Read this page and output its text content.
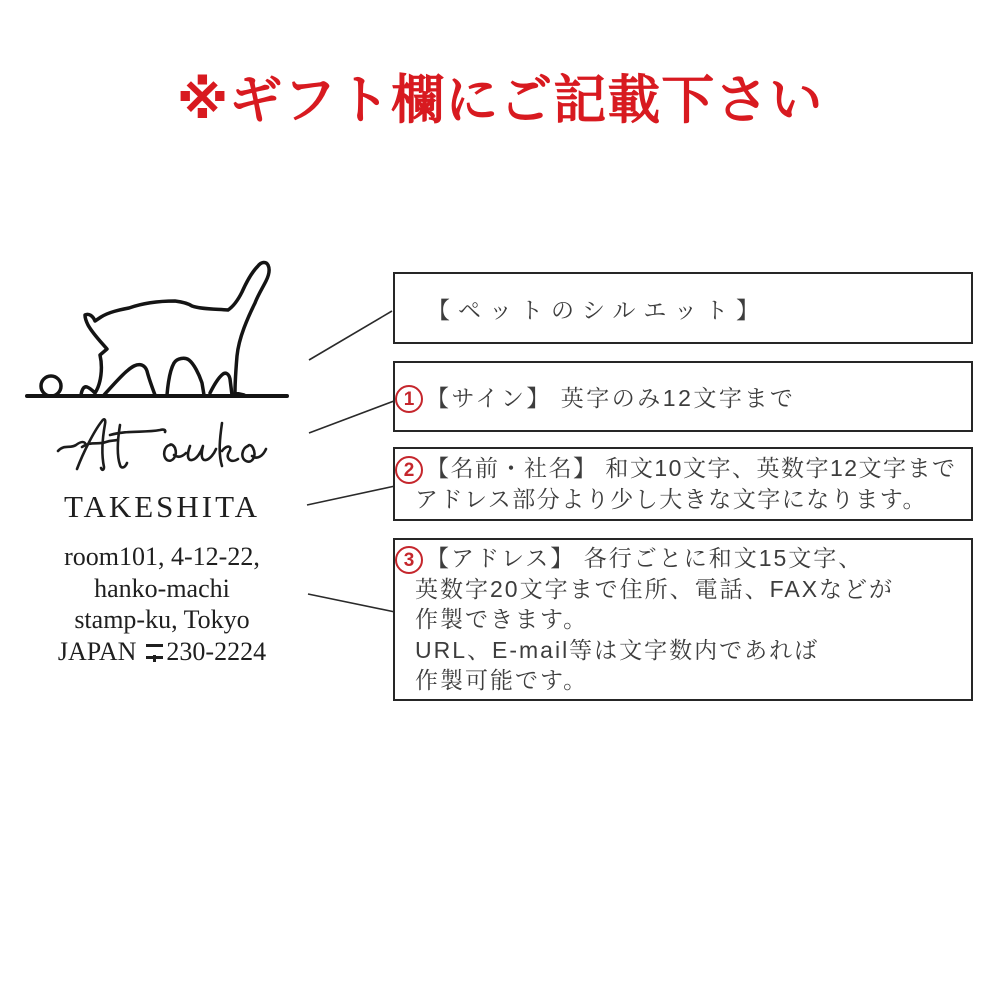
※ギフト欄にご記載下さい
TAKESHITA
room101, 4-12-22,
hanko-machi
stamp-ku, Tokyo
JAPAN 230-2224
【ペットのシルエット】
【サイン】 英字のみ12文字まで
【名前・社名】 和文10文字、英数字12文字まで
アドレス部分より少し大きな文字になります。
【アドレス】 各行ごとに和文15文字、
英数字20文字まで住所、電話、FAXなどが
作製できます。
URL、E-mail等は文字数内であれば
作製可能です。
1
2
3
